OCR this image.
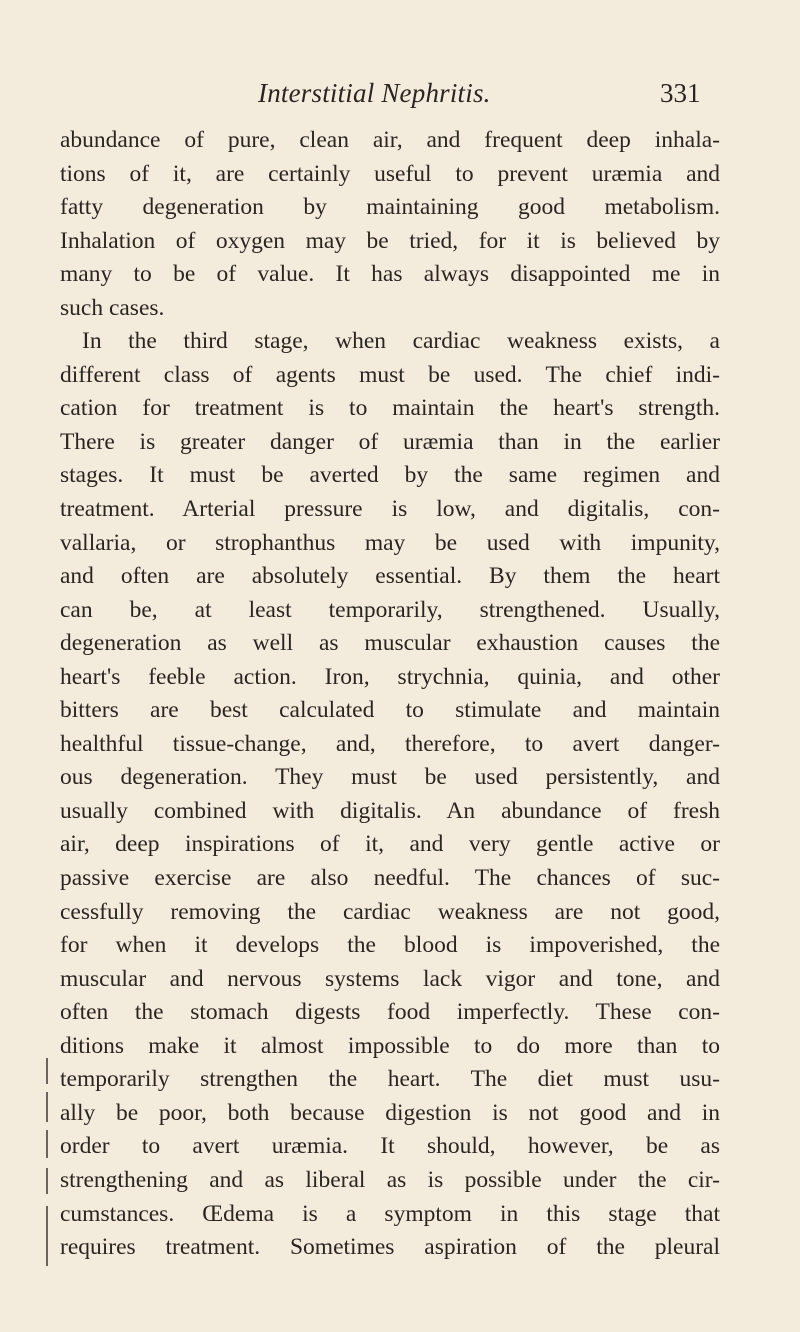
Interstitial Nephritis.	331
abundance of pure, clean air, and frequent deep inhala-
tions of it, are certainly useful to prevent uræmia and
fatty degeneration by maintaining good metabolism.
Inhalation of oxygen may be tried, for it is believed by
many to be of value. It has always disappointed me in
such cases.
In the third stage, when cardiac weakness exists, a
different class of agents must be used. The chief indi-
cation for treatment is to maintain the heart's strength.
There is greater danger of uræmia than in the earlier
stages. It must be averted by the same regimen and
treatment. Arterial pressure is low, and digitalis, con-
vallaria, or strophanthus may be used with impunity,
and often are absolutely essential. By them the heart
can be, at least temporarily, strengthened. Usually,
degeneration as well as muscular exhaustion causes the
heart's feeble action. Iron, strychnia, quinia, and other
bitters are best calculated to stimulate and maintain
healthful tissue-change, and, therefore, to avert danger-
ous degeneration. They must be used persistently, and
usually combined with digitalis. An abundance of fresh
air, deep inspirations of it, and very gentle active or
passive exercise are also needful. The chances of suc-
cessfully removing the cardiac weakness are not good,
for when it develops the blood is impoverished, the
muscular and nervous systems lack vigor and tone, and
often the stomach digests food imperfectly. These con-
ditions make it almost impossible to do more than to
temporarily strengthen the heart. The diet must usu-
ally be poor, both because digestion is not good and in
order to avert uræmia. It should, however, be as
strengthening and as liberal as is possible under the cir-
cumstances. Œdema is a symptom in this stage that
requires treatment. Sometimes aspiration of the pleural
